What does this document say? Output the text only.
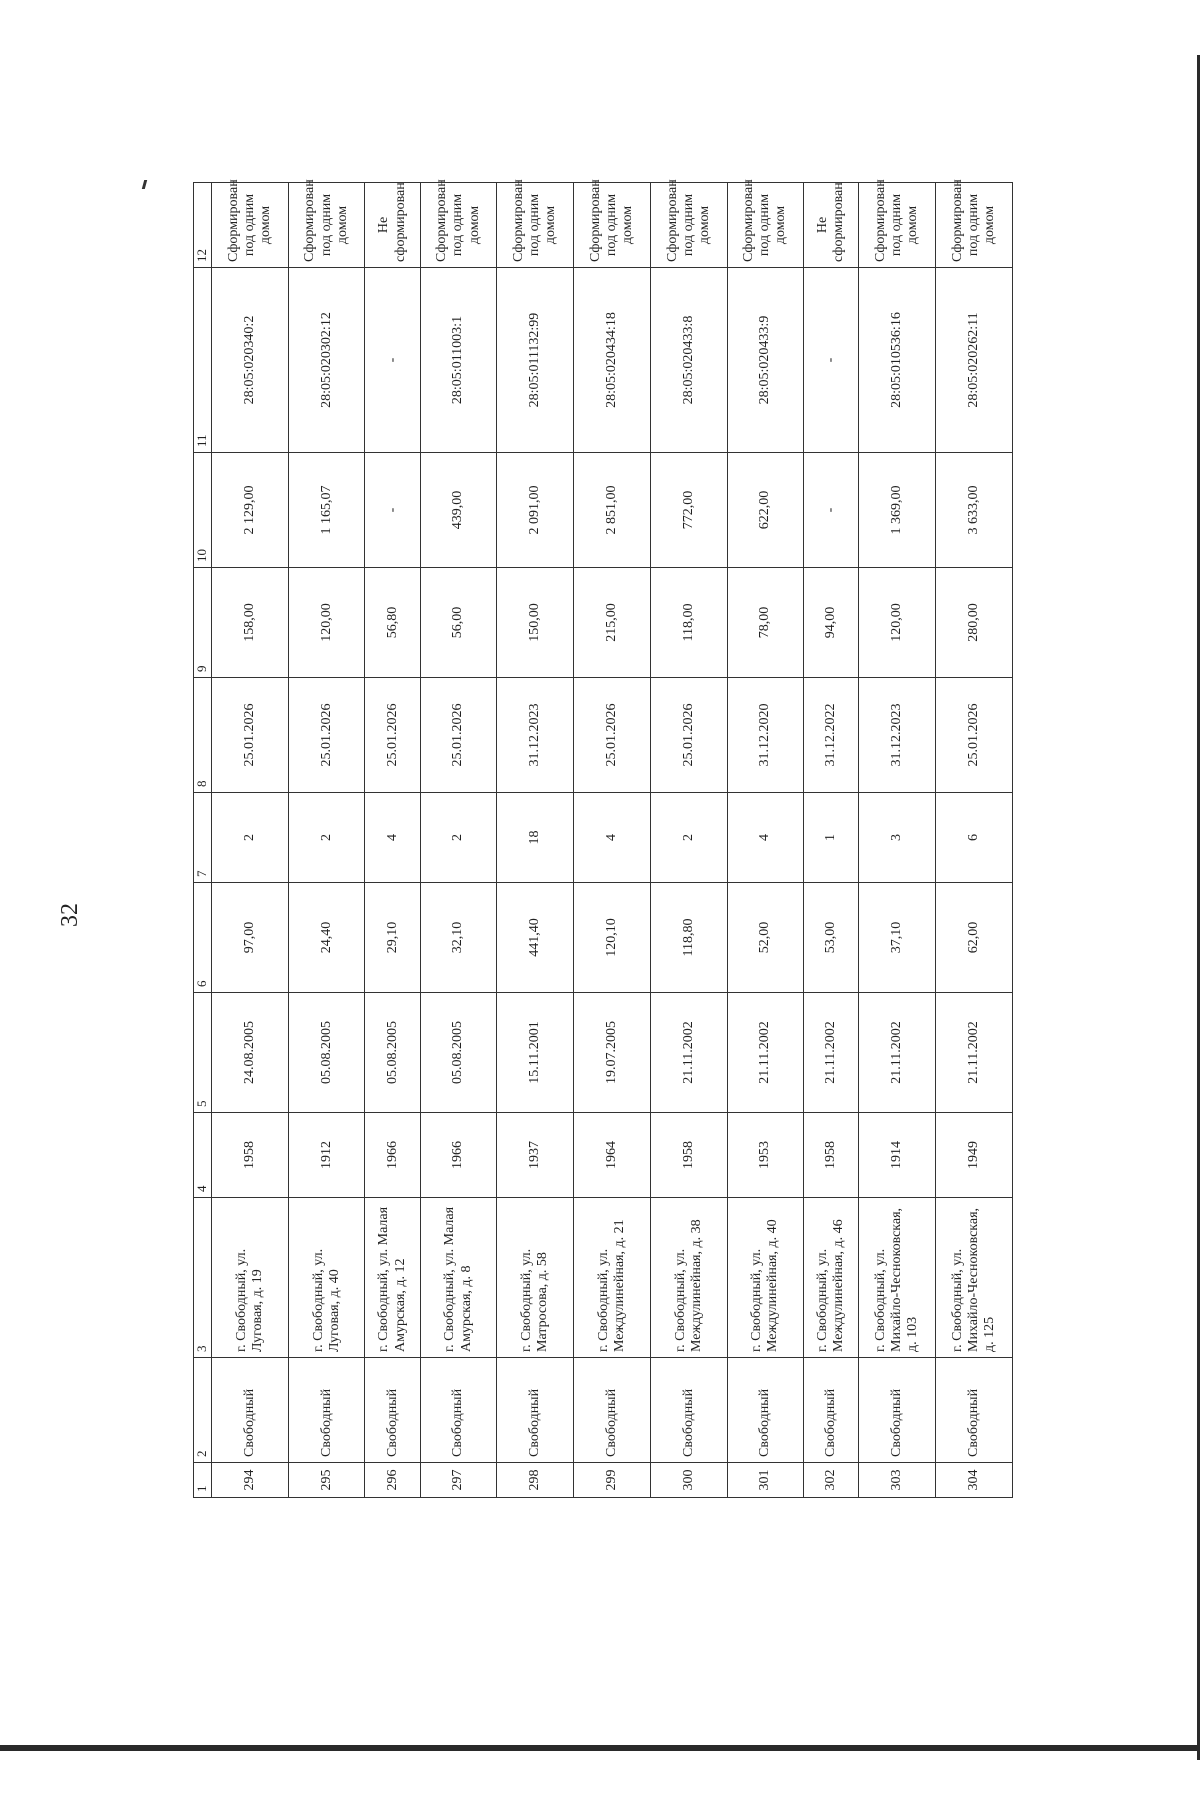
32
1	2	3	4	5	6	7	8	9	10	11	12
294	Свободный	г. Свободный, ул. Луговая, д. 19	1958	24.08.2005	97,00	2	25.01.2026	158,00	2 129,00	28:05:020340:2	Сформирован под одним домом
295	Свободный	г. Свободный, ул. Луговая, д. 40	1912	05.08.2005	24,40	2	25.01.2026	120,00	1 165,07	28:05:020302:12	Сформирован под одним домом
296	Свободный	г. Свободный, ул. Малая Амурская, д. 12	1966	05.08.2005	29,10	4	25.01.2026	56,80	-	-	Не сформирован
297	Свободный	г. Свободный, ул. Малая Амурская, д. 8	1966	05.08.2005	32,10	2	25.01.2026	56,00	439,00	28:05:011003:1	Сформирован под одним домом
298	Свободный	г. Свободный, ул. Матросова, д. 58	1937	15.11.2001	441,40	18	31.12.2023	150,00	2 091,00	28:05:011132:99	Сформирован под одним домом
299	Свободный	г. Свободный, ул. Междулинейная, д. 21	1964	19.07.2005	120,10	4	25.01.2026	215,00	2 851,00	28:05:020434:18	Сформирован под одним домом
300	Свободный	г. Свободный, ул. Междулинейная, д. 38	1958	21.11.2002	118,80	2	25.01.2026	118,00	772,00	28:05:020433:8	Сформирован под одним домом
301	Свободный	г. Свободный, ул. Междулинейная, д. 40	1953	21.11.2002	52,00	4	31.12.2020	78,00	622,00	28:05:020433:9	Сформирован под одним домом
302	Свободный	г. Свободный, ул. Междулинейная, д. 46	1958	21.11.2002	53,00	1	31.12.2022	94,00	-	-	Не сформирован
303	Свободный	г. Свободный, ул. Михайло-Чесноковская, д. 103	1914	21.11.2002	37,10	3	31.12.2023	120,00	1 369,00	28:05:010536:16	Сформирован под одним домом
304	Свободный	г. Свободный, ул. Михайло-Чесноковская, д. 125	1949	21.11.2002	62,00	6	25.01.2026	280,00	3 633,00	28:05:020262:11	Сформирован под одним домом
